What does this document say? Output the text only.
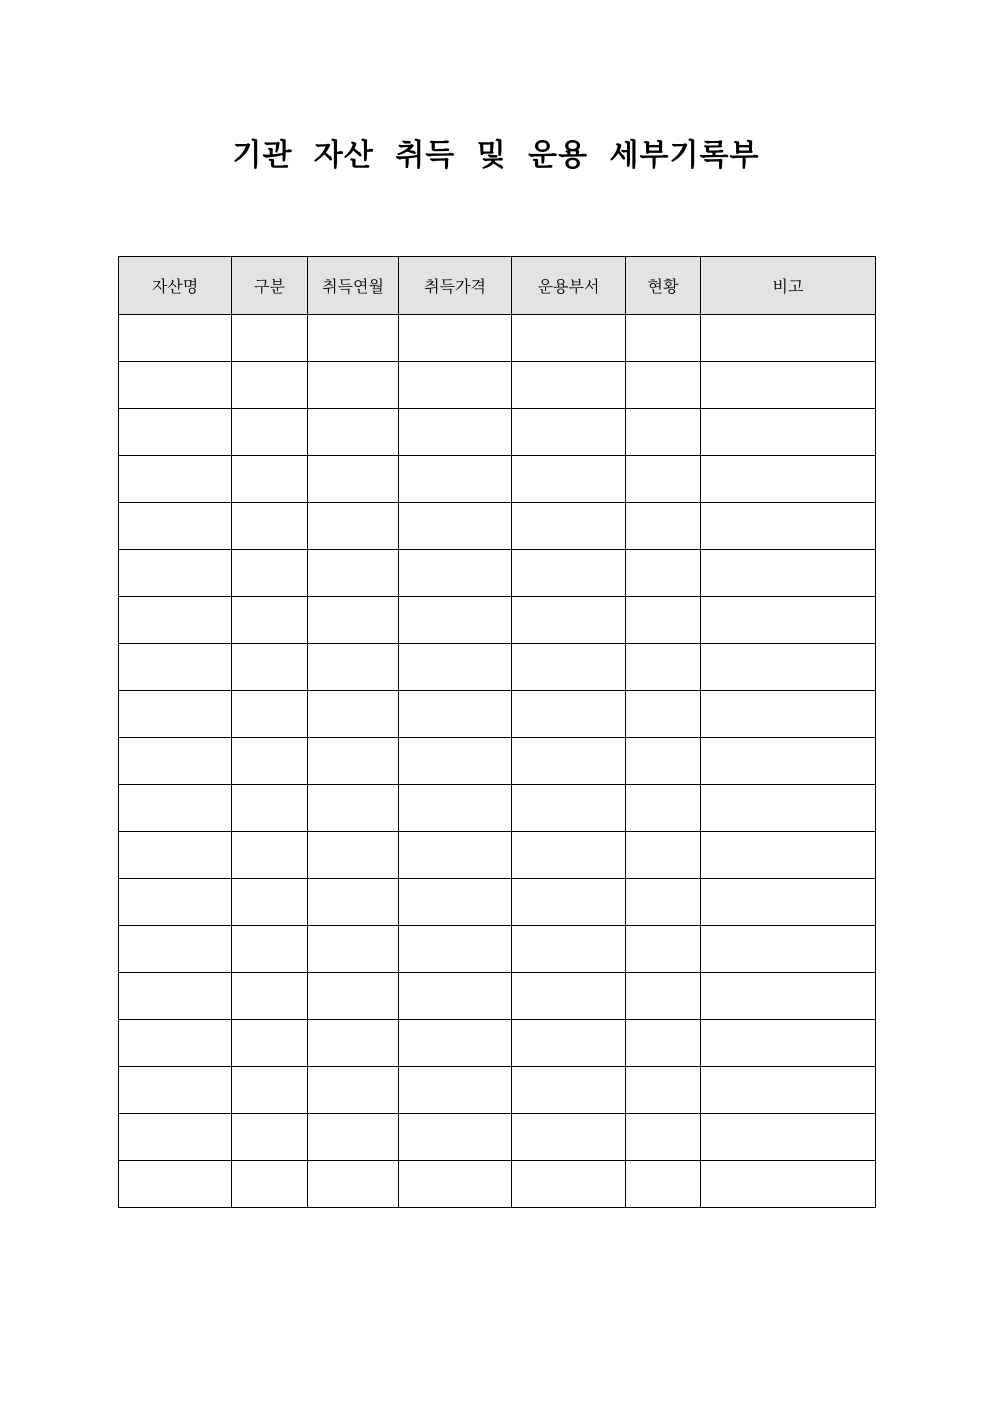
기관 자산 취득 및 운용 세부기록부
자산명	구분	취득연월	취득가격	운용부서	현황	비고
